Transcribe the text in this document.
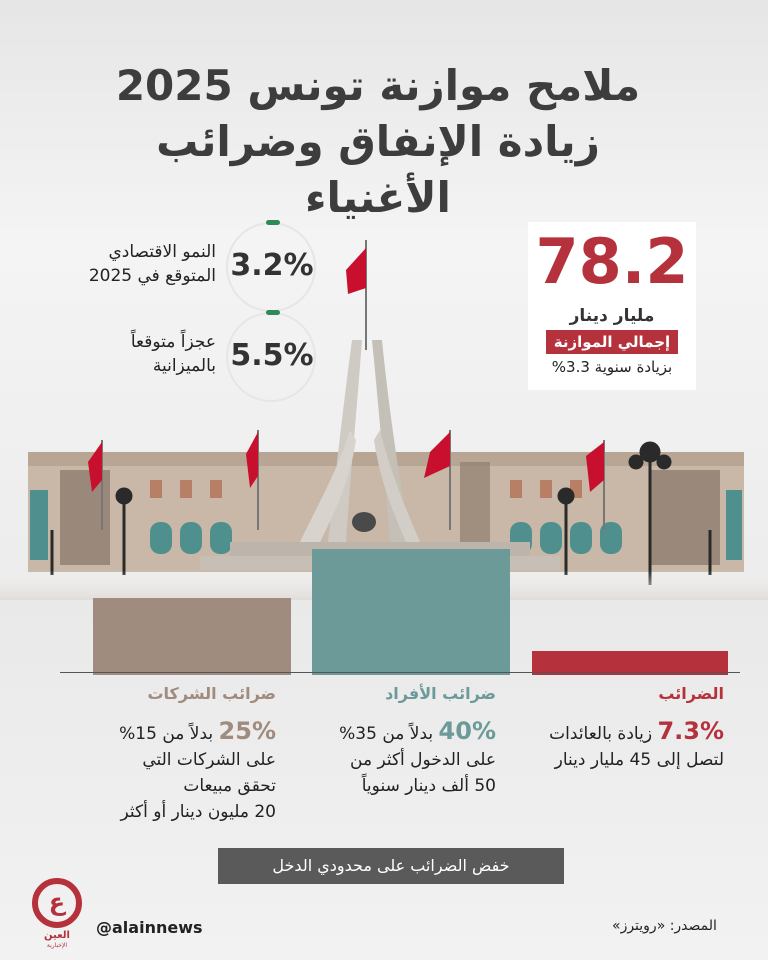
ملامح موازنة تونس 2025
زيادة الإنفاق وضرائب الأغنياء
78.2
مليار دينار
إجمالي الموازنة
بزيادة سنوية 3.3%
3.2%
النمو الاقتصادي
المتوقع في 2025
5.5%
عجزاً متوقعاً
بالميزانية
الضرائب
7.3% زيادة بالعائدات
لتصل إلى 45 مليار دينار
ضرائب الأفراد
40% بدلاً من 35%
على الدخول أكثر من
50 ألف دينار سنوياً
ضرائب الشركات
25% بدلاً من 15%
على الشركات التي
تحقق مبيعات
20 مليون دينار أو أكثر
خفض الضرائب على محدودي الدخل
ع
العين
الإخبارية
@alainnews	المصدر: «رويترز»
